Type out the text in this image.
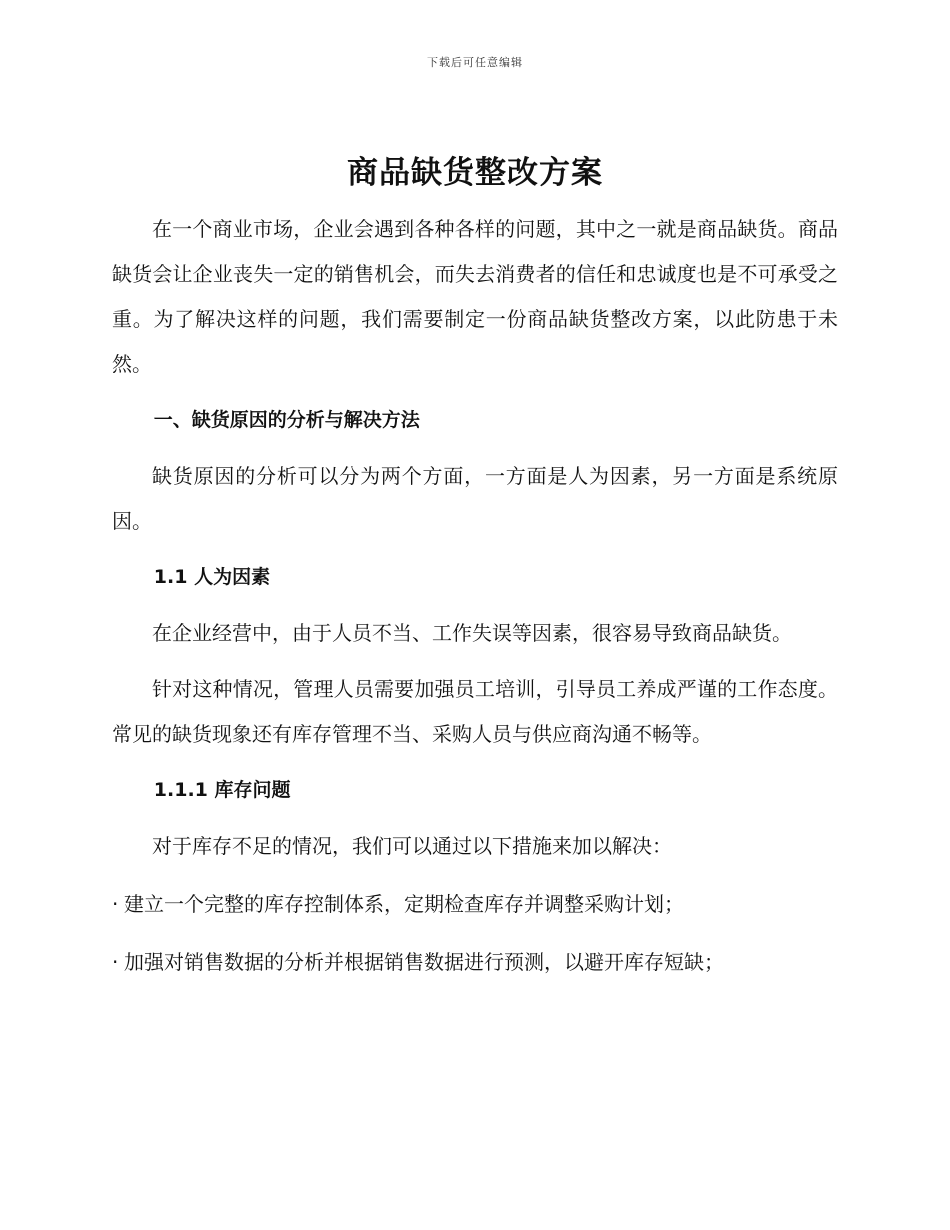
下载后可任意编辑
商品缺货整改方案

在一个商业市场，企业会遇到各种各样的问题，其中之一就是商品缺货。商品缺货会让企业丧失一定的销售机会，而失去消费者的信任和忠诚度也是不可承受之重。为了解决这样的问题，我们需要制定一份商品缺货整改方案，以此防患于未然。

一、缺货原因的分析与解决方法

缺货原因的分析可以分为两个方面，一方面是人为因素，另一方面是系统原因。

1.1 人为因素

在企业经营中，由于人员不当、工作失误等因素，很容易导致商品缺货。

针对这种情况，管理人员需要加强员工培训，引导员工养成严谨的工作态度。常见的缺货现象还有库存管理不当、采购人员与供应商沟通不畅等。

1.1.1 库存问题

对于库存不足的情况，我们可以通过以下措施来加以解决：

· 建立一个完整的库存控制体系，定期检查库存并调整采购计划；
· 加强对销售数据的分析并根据销售数据进行预测，以避开库存短缺；
